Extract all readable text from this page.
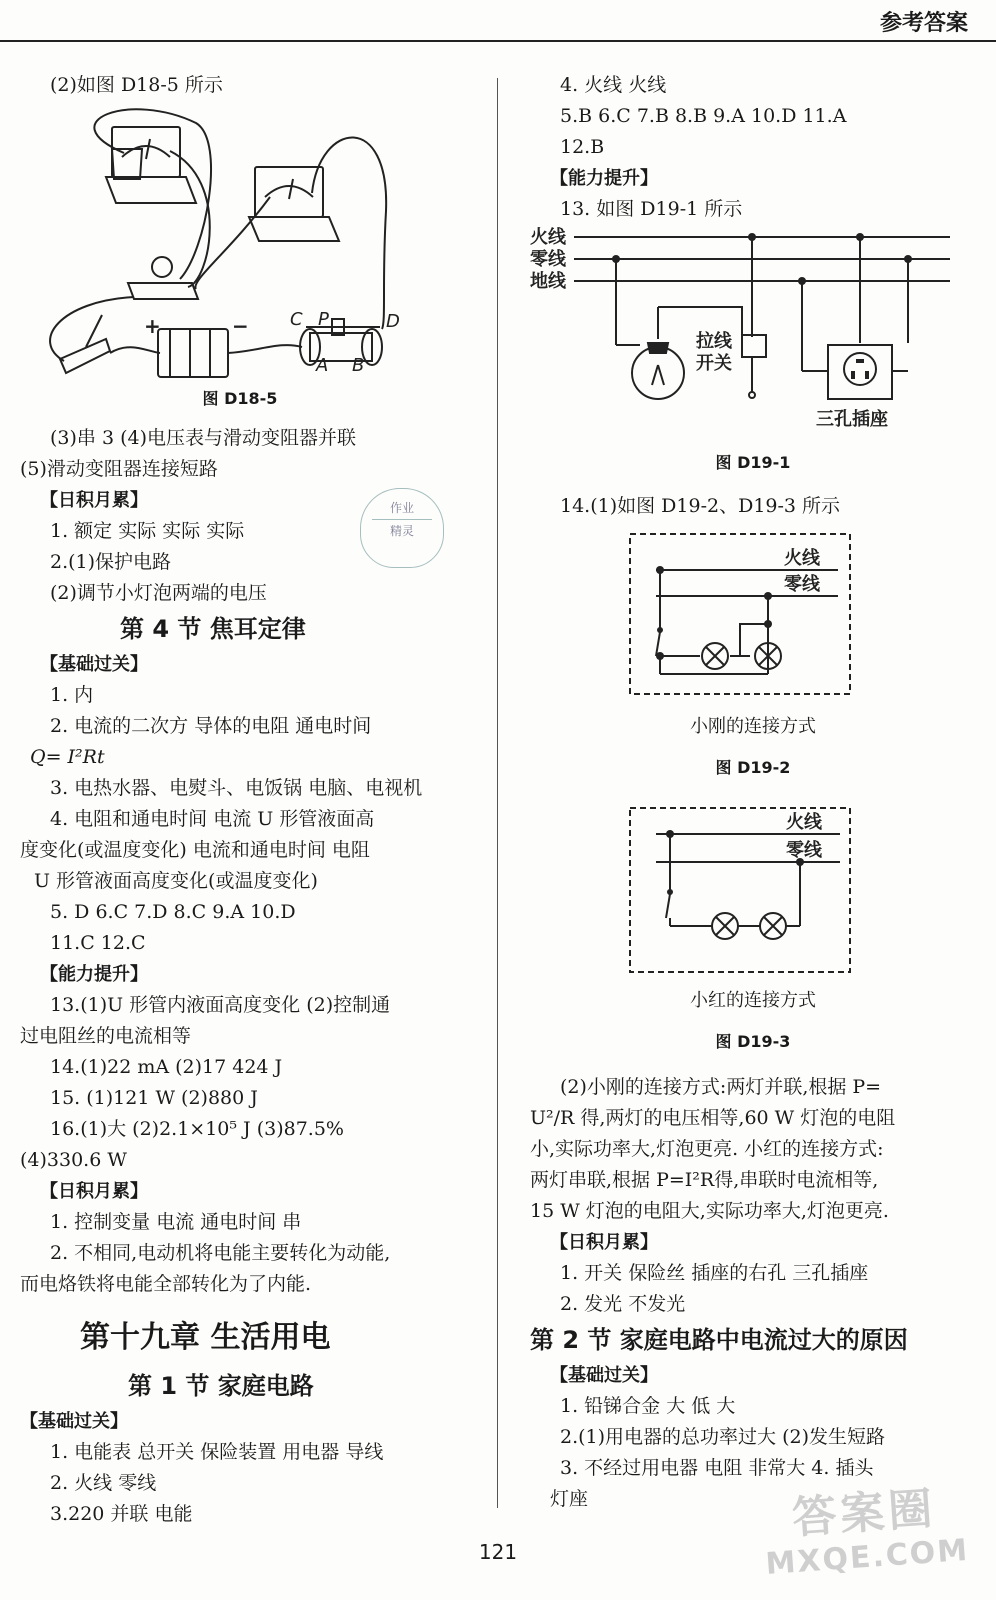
参考答案
(2)如图 D18-5 所示
+	− C P	D
A B
图 D18-5
(3)串 3 (4)电压表与滑动变阻器并联
(5)滑动变阻器连接短路
【日积月累】
1. 额定 实际 实际 实际
2.(1)保护电路
(2)调节小灯泡两端的电压
第 4 节 焦耳定律
【基础过关】
1. 内
2. 电流的二次方 导体的电阻 通电时间
Q= I²Rt
3. 电热水器、电熨斗、电饭锅 电脑、电视机
4. 电阻和通电时间 电流 U 形管液面高
度变化(或温度变化) 电流和通电时间 电阻
U 形管液面高度变化(或温度变化)
5. D 6.C 7.D 8.C 9.A 10.D
11.C 12.C
【能力提升】
13.(1)U 形管内液面高度变化 (2)控制通
过电阻丝的电流相等
14.(1)22 mA (2)17 424 J
15. (1)121 W (2)880 J
16.(1)大 (2)2.1×10⁵ J (3)87.5%
(4)330.6 W
【日积月累】
1. 控制变量 电流 通电时间 串
2. 不相同,电动机将电能主要转化为动能,
而电烙铁将电能全部转化为了内能.
第十九章 生活用电
第 1 节 家庭电路
【基础过关】
1. 电能表 总开关 保险装置 用电器 导线
2. 火线 零线
3.220 并联 电能
4. 火线 火线
5.B 6.C 7.B 8.B 9.A 10.D 11.A
12.B
【能力提升】
13. 如图 D19-1 所示
火线
零线
地线
拉线
开关
三孔插座
图 D19-1
14.(1)如图 D19-2、D19-3 所示
火线
零线
小刚的连接方式
图 D19-2
火线
零线
小红的连接方式
图 D19-3
(2)小刚的连接方式:两灯并联,根据 P=
U²/R 得,两灯的电压相等,60 W 灯泡的电阻
小,实际功率大,灯泡更亮. 小红的连接方式:
两灯串联,根据 P=I²R得,串联时电流相等,
15 W 灯泡的电阻大,实际功率大,灯泡更亮.
【日积月累】
1. 开关 保险丝 插座的右孔 三孔插座
2. 发光 不发光
第 2 节 家庭电路中电流过大的原因
【基础过关】
1. 铅锑合金 大 低 大
2.(1)用电器的总功率过大 (2)发生短路
3. 不经过用电器 电阻 非常大 4. 插头
灯座
作业
精灵
答案圈
MXQE.COM
121
